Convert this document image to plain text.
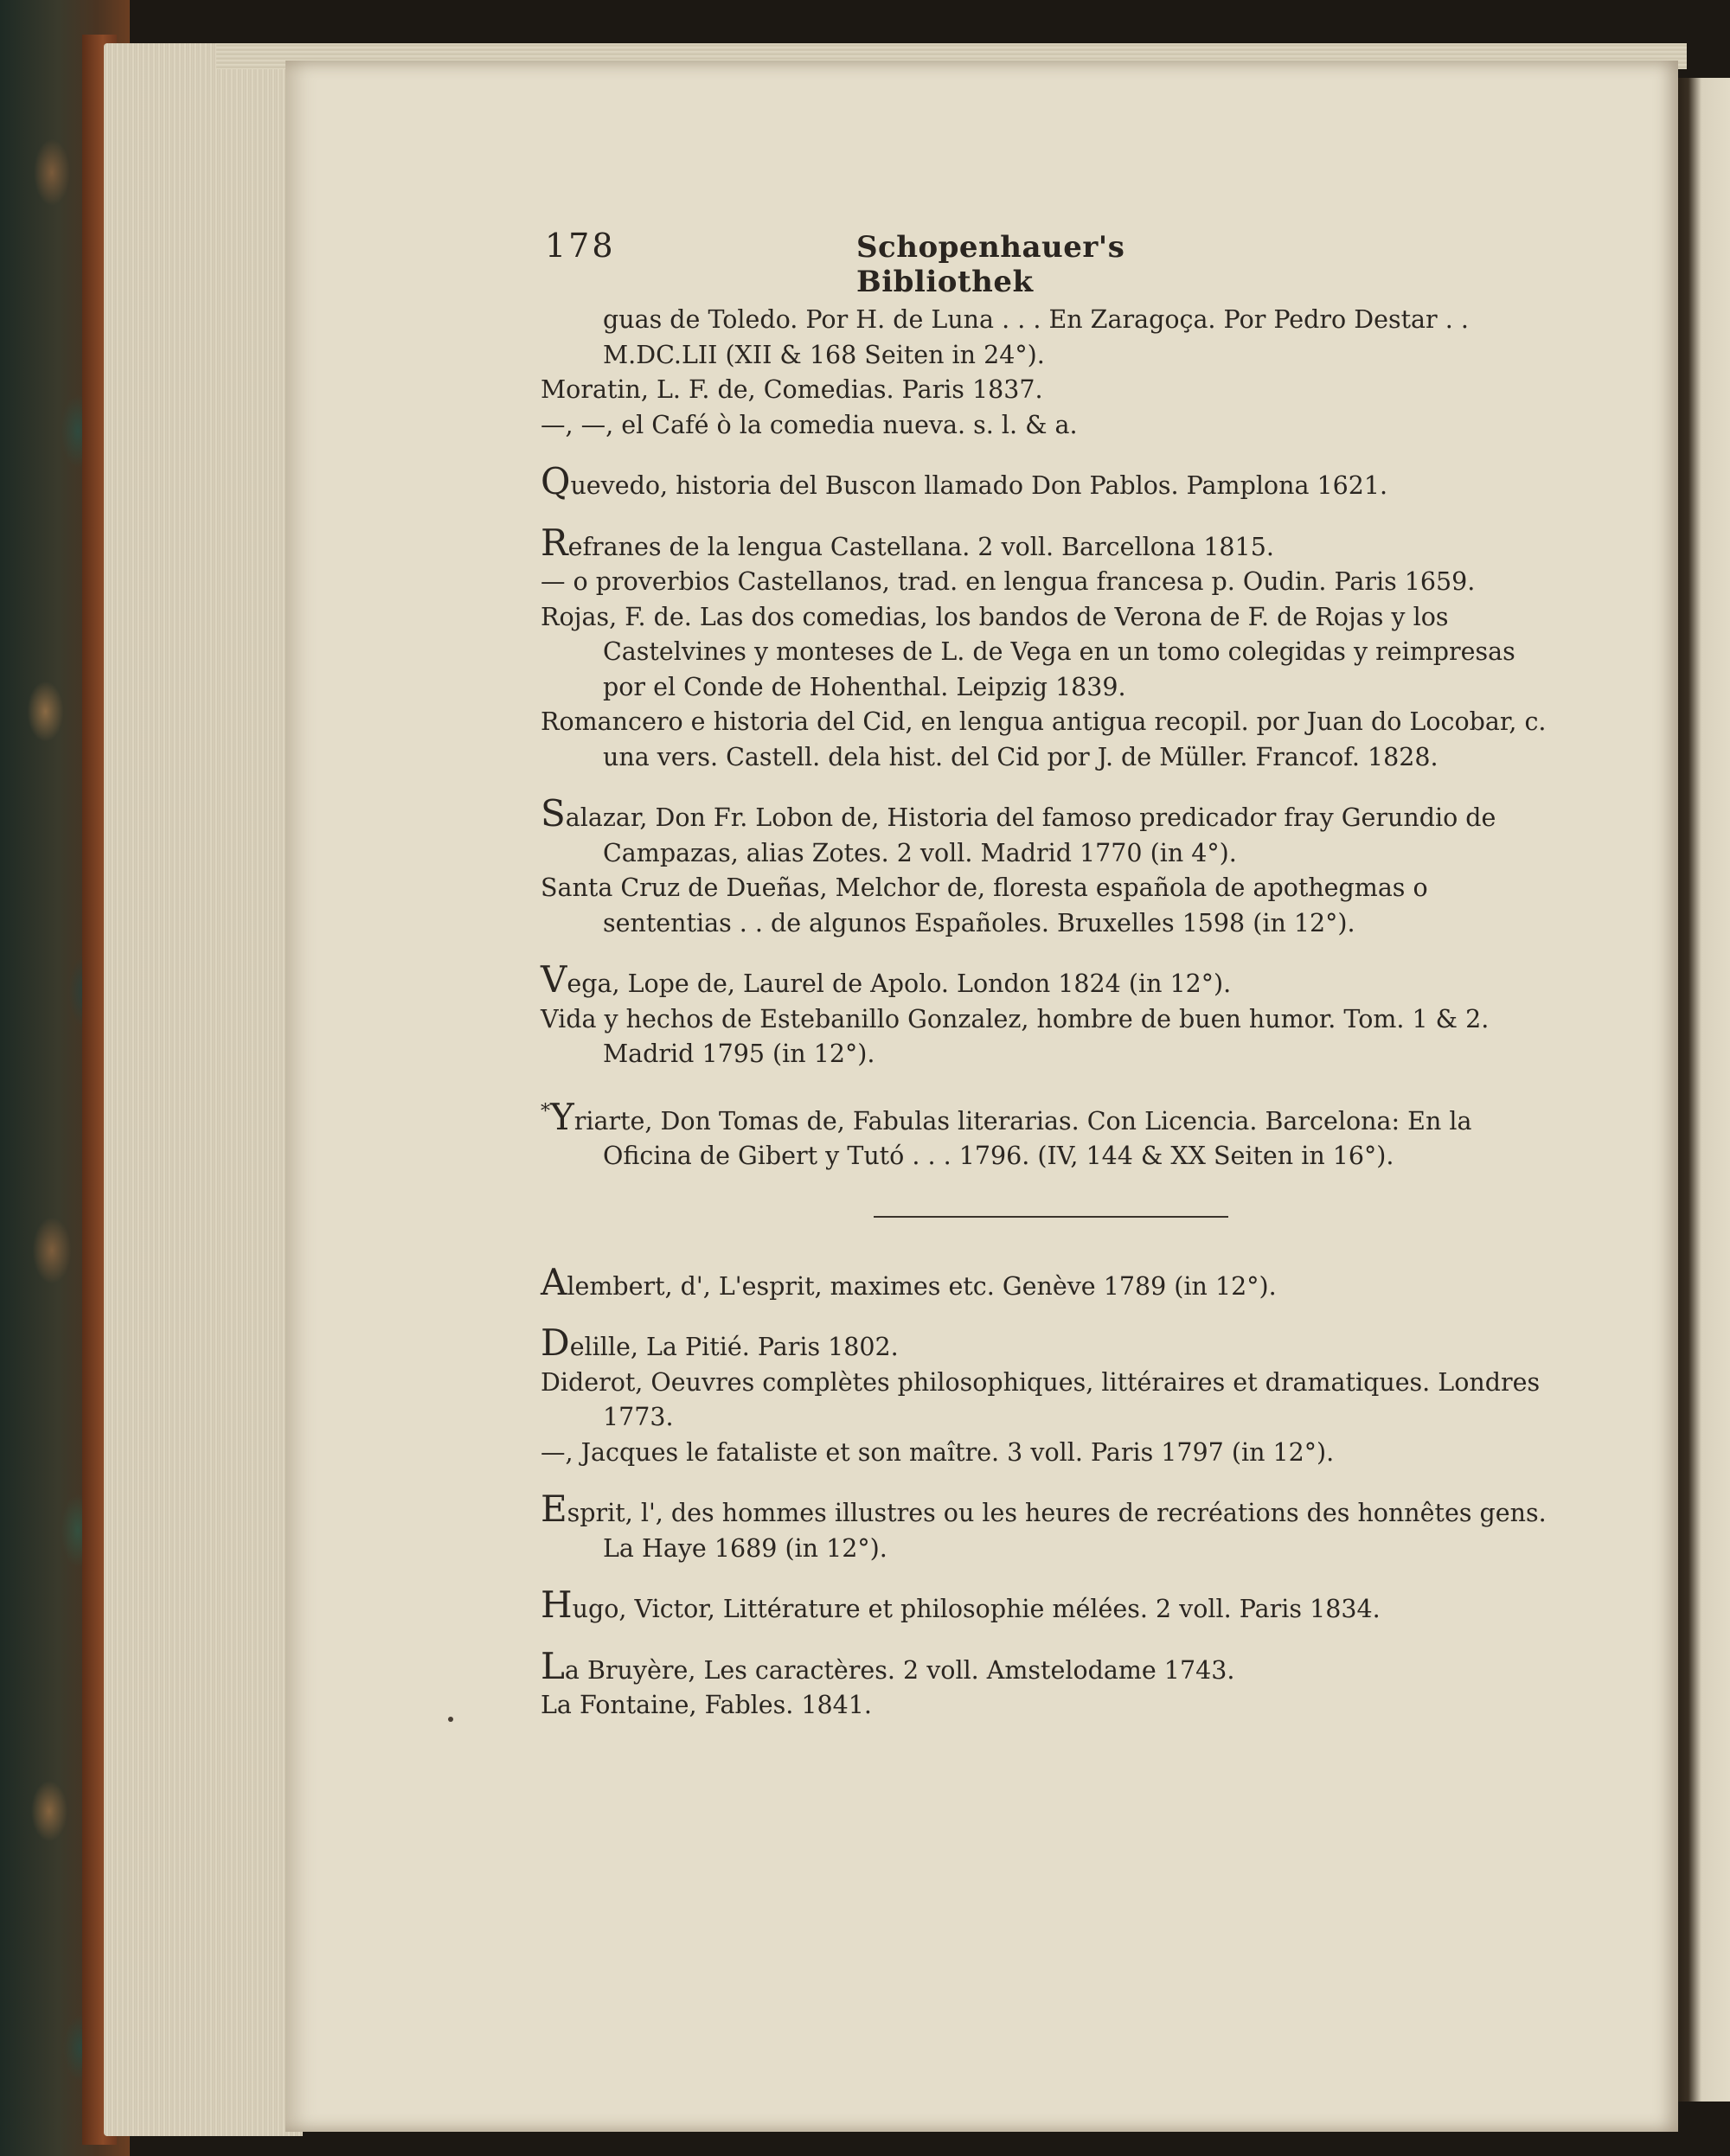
178	Schopenhauer's Bibliothek

guas de Toledo. Por H. de Luna . . . En Zaragoça. Por Pedro Destar . . M.DC.LII (XII & 168 Seiten in 24°).

Moratin, L. F. de, Comedias. Paris 1837.

—, —, el Café ò la comedia nueva. s. l. & a.

Quevedo, historia del Buscon llamado Don Pablos. Pamplona 1621.

Refranes de la lengua Castellana. 2 voll. Barcellona 1815.

— o proverbios Castellanos, trad. en lengua francesa p. Oudin. Paris 1659.

Rojas, F. de. Las dos comedias, los bandos de Verona de F. de Rojas y los Castelvines y monteses de L. de Vega en un tomo colegidas y reimpresas por el Conde de Hohenthal. Leipzig 1839.

Romancero e historia del Cid, en lengua antigua recopil. por Juan do Locobar, c. una vers. Castell. dela hist. del Cid por J. de Müller. Francof. 1828.

Salazar, Don Fr. Lobon de, Historia del famoso predicador fray Gerundio de Campazas, alias Zotes. 2 voll. Madrid 1770 (in 4°).

Santa Cruz de Dueñas, Melchor de, floresta española de apothegmas o sententias . . de algunos Españoles. Bruxelles 1598 (in 12°).

Vega, Lope de, Laurel de Apolo. London 1824 (in 12°).

Vida y hechos de Estebanillo Gonzalez, hombre de buen humor. Tom. 1 & 2. Madrid 1795 (in 12°).

*Yriarte, Don Tomas de, Fabulas literarias. Con Licencia. Barcelona: En la Oficina de Gibert y Tutó . . . 1796. (IV, 144 & XX Seiten in 16°).

Alembert, d', L'esprit, maximes etc. Genève 1789 (in 12°).

Delille, La Pitié. Paris 1802.

Diderot, Oeuvres complètes philosophiques, littéraires et dramatiques. Londres 1773.

—, Jacques le fataliste et son maître. 3 voll. Paris 1797 (in 12°).

Esprit, l', des hommes illustres ou les heures de recréations des honnêtes gens. La Haye 1689 (in 12°).

Hugo, Victor, Littérature et philosophie mélées. 2 voll. Paris 1834.

La Bruyère, Les caractères. 2 voll. Amstelodame 1743.

La Fontaine, Fables. 1841.
